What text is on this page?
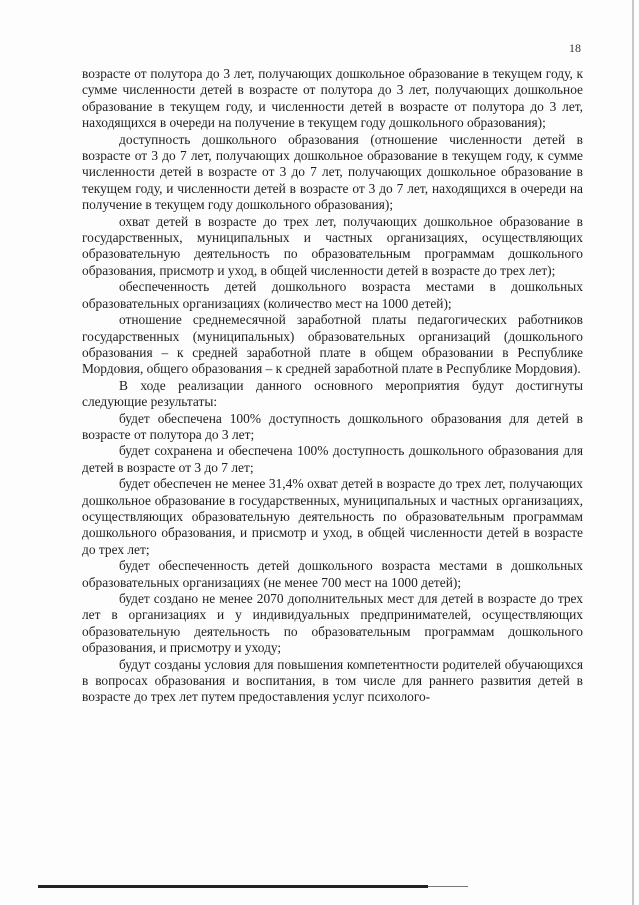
18

возрасте от полутора до 3 лет, получающих дошкольное образование в текущем году, к сумме численности детей в возрасте от полутора до 3 лет, получающих дошкольное образование в текущем году, и численности детей в возрасте от полутора до 3 лет, находящихся в очереди на получение в текущем году дошкольного образования);

доступность дошкольного образования (отношение численности детей в возрасте от 3 до 7 лет, получающих дошкольное образование в текущем году, к сумме численности детей в возрасте от 3 до 7 лет, получающих дошкольное образование в текущем году, и численности детей в возрасте от 3 до 7 лет, находящихся в очереди на получение в текущем году дошкольного образования);

охват детей в возрасте до трех лет, получающих дошкольное образование в государственных, муниципальных и частных организациях, осуществляющих образовательную деятельность по образовательным программам дошкольного образования, присмотр и уход, в общей численности детей в возрасте до трех лет);

обеспеченность детей дошкольного возраста местами в дошкольных образовательных организациях (количество мест на 1000 детей);

отношение среднемесячной заработной платы педагогических работников государственных (муниципальных) образовательных организаций (дошкольного образования – к средней заработной плате в общем образовании в Республике Мордовия, общего образования – к средней заработной плате в Республике Мордовия).

В ходе реализации данного основного мероприятия будут достигнуты следующие результаты:

будет обеспечена 100% доступность дошкольного образования для детей в возрасте от полутора до 3 лет;

будет сохранена и обеспечена 100% доступность дошкольного образования для детей в возрасте от 3 до 7 лет;

будет обеспечен не менее 31,4% охват детей в возрасте до трех лет, получающих дошкольное образование в государственных, муниципальных и частных организациях, осуществляющих образовательную деятельность по образовательным программам дошкольного образования, и присмотр и уход, в общей численности детей в возрасте до трех лет;

будет обеспеченность детей дошкольного возраста местами в дошкольных образовательных организациях (не менее 700 мест на 1000 детей);

будет создано не менее 2070 дополнительных мест для детей в возрасте до трех лет в организациях и у индивидуальных предпринимателей, осуществляющих образовательную деятельность по образовательным программам дошкольного образования, и присмотру и уходу;

будут созданы условия для повышения компетентности родителей обучающихся в вопросах образования и воспитания, в том числе для раннего развития детей в возрасте до трех лет путем предоставления услуг психолого-
